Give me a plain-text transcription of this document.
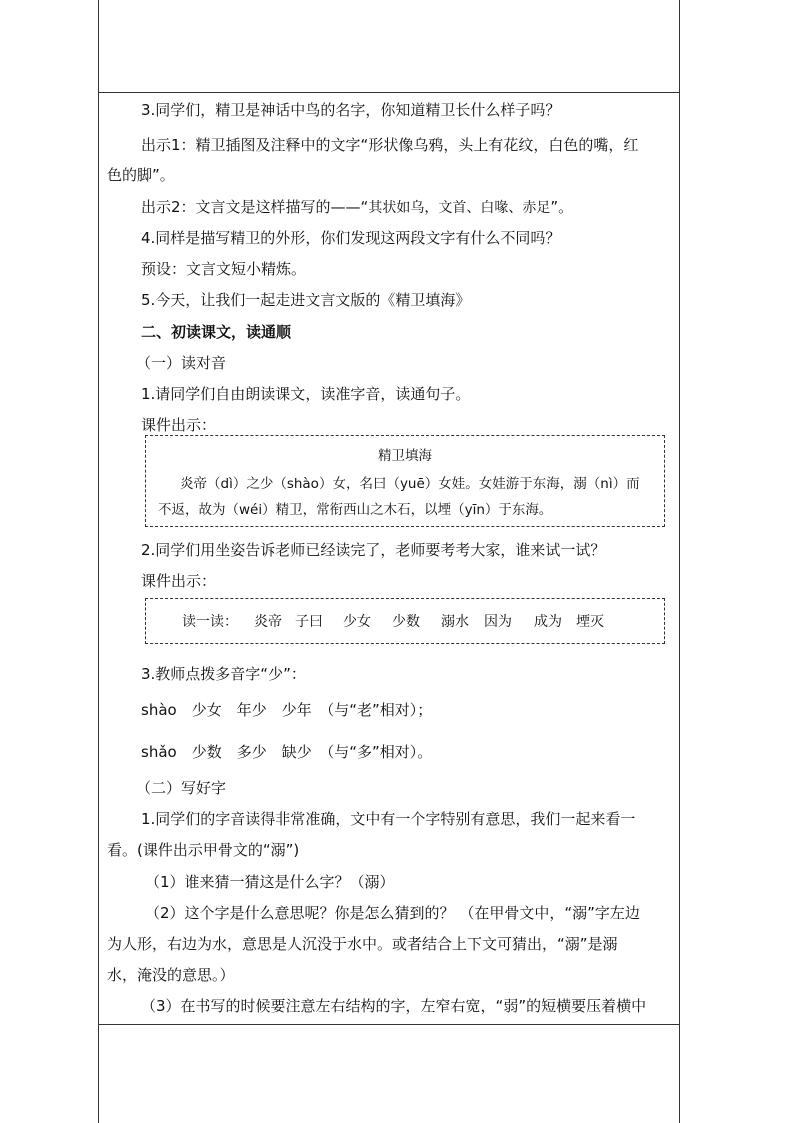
3.同学们，精卫是神话中鸟的名字，你知道精卫长什么样子吗？
出示1：精卫插图及注释中的文字“形状像乌鸦，头上有花纹，白色的嘴，红
色的脚”。
出示2：文言文是这样描写的——“其状如乌，文首、白喙、赤足”。
4.同样是描写精卫的外形，你们发现这两段文字有什么不同吗？
预设：文言文短小精炼。
5.今天，让我们一起走进文言文版的《精卫填海》
二、初读课文，读通顺
（一）读对音
1.请同学们自由朗读课文，读准字音，读通句子。
课件出示：
精卫填海
炎帝（dì）之少（shào）女，名曰（yuē）女娃。女娃游于东海，溺（nì）而
不返，故为（wéi）精卫，常衔西山之木石，以堙（yīn）于东海。
2.同学们用坐姿告诉老师已经读完了，老师要考考大家，谁来试一试？
课件出示：
读一读： 炎帝 子曰 少女 少数 溺水 因为 成为 堙灭
3.教师点拨多音字“少”：
shào　少女　年少　少年　（与“老”相对）；
shǎo　少数　多少　缺少　（与“多”相对）。
（二）写好字
1.同学们的字音读得非常准确，文中有一个字特别有意思，我们一起来看一
看。(课件出示甲骨文的“溺”)
（1）谁来猜一猜这是什么字？（溺）
（2）这个字是什么意思呢？你是怎么猜到的？ （在甲骨文中，“溺”字左边
为人形，右边为水，意思是人沉没于水中。或者结合上下文可猜出，“溺”是溺
水，淹没的意思。）
（3）在书写的时候要注意左右结构的字，左窄右宽，“弱”的短横要压着横中
